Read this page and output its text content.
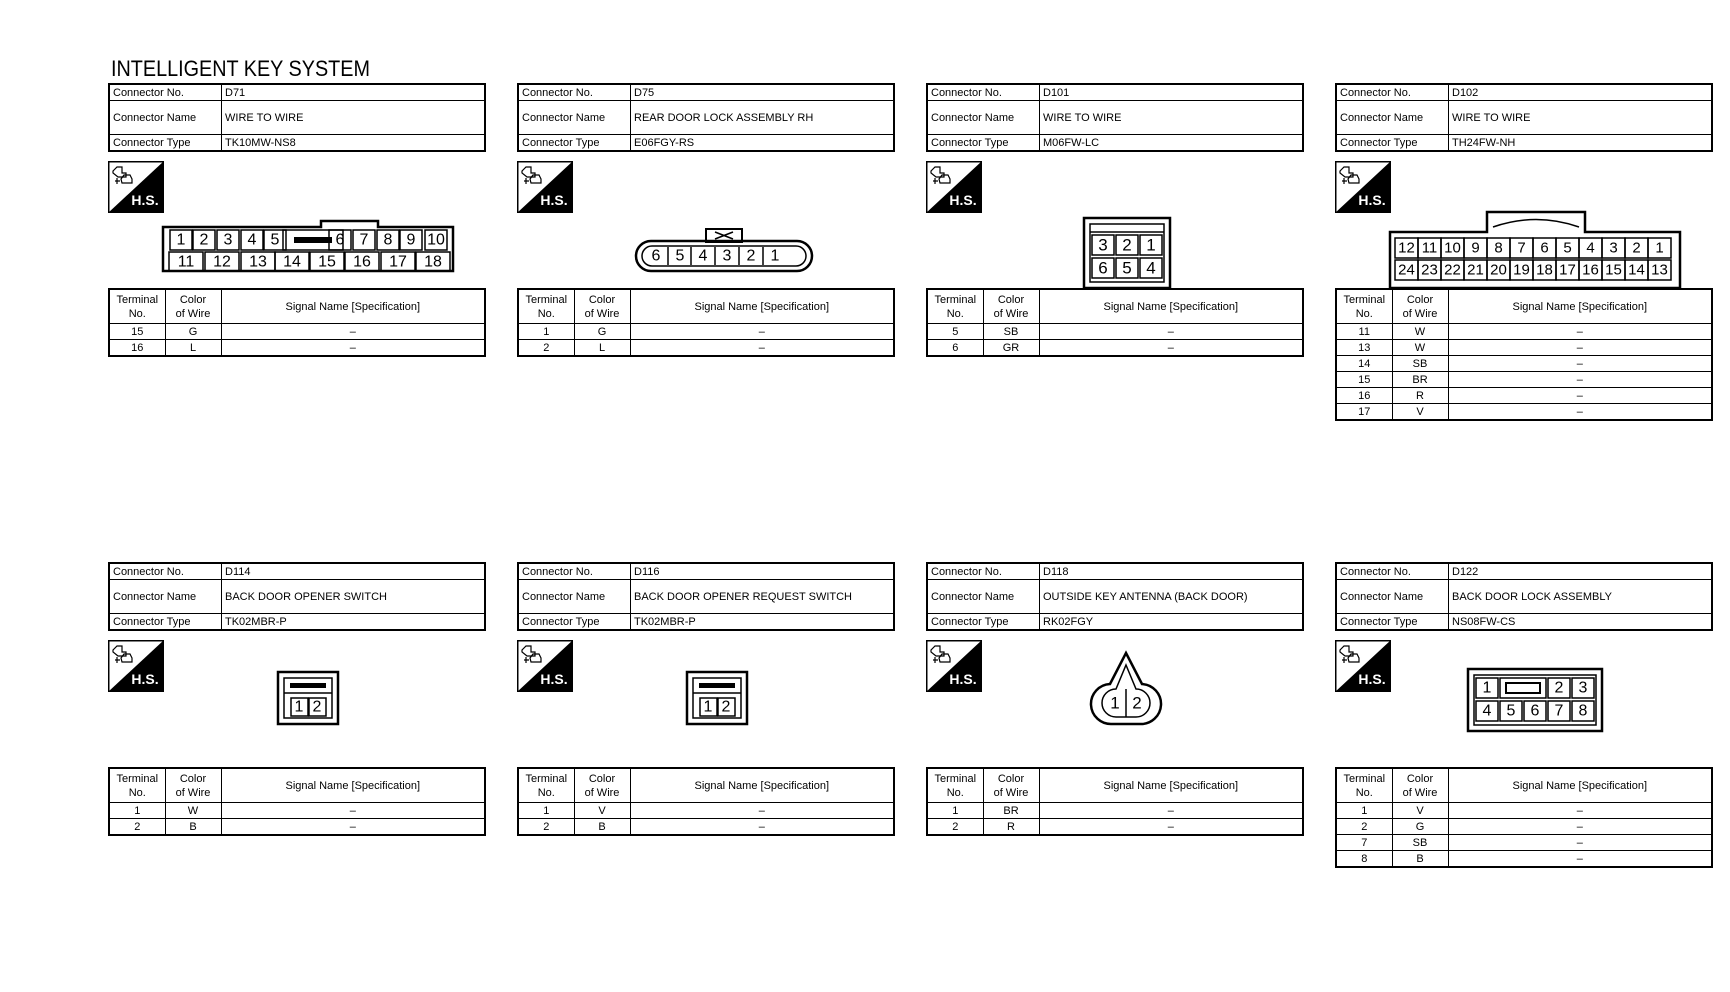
INTELLIGENT KEY SYSTEM
Connector No.	D71
Connector Name	WIRE TO WIRE
Connector Type	TK10MW-NS8
H.S.
1 2 3 4 5	6 7 8 9 10
11 12 13 14 15 16 17 18
Terminal
No.	Color
of Wire	Signal Name [Specification]
15	G	–
16	L	–
Connector No.	D75
Connector Name	REAR DOOR LOCK ASSEMBLY RH
Connector Type	E06FGY-RS
H.S.
6 5 4 3 2 1
Terminal
No.	Color
of Wire	Signal Name [Specification]
1	G	–
2	L	–
Connector No.	D101
Connector Name	WIRE TO WIRE
Connector Type	M06FW-LC
H.S.
3 2 1
6 5 4
Terminal
No.	Color
of Wire	Signal Name [Specification]
5	SB	–
6	GR	–
Connector No.	D102
Connector Name	WIRE TO WIRE
Connector Type	TH24FW-NH
H.S.
12
24
11
23
10
22
9
21
8
20
7
19
6
18
5
17
4
16
3
15
2
14
1
13
Terminal
No.	Color
of Wire	Signal Name [Specification]
11	W	–
13	W	–
14	SB	–
15	BR	–
16	R	–
17	V	–
Connector No.	D114
Connector Name	BACK DOOR OPENER SWITCH
Connector Type	TK02MBR-P
H.S.
1 2
Terminal
No.	Color
of Wire	Signal Name [Specification]
1	W	–
2	B	–
Connector No.	D116
Connector Name	BACK DOOR OPENER REQUEST SWITCH
Connector Type	TK02MBR-P
H.S.
1 2
Terminal
No.	Color
of Wire	Signal Name [Specification]
1	V	–
2	B	–
Connector No.	D118
Connector Name	OUTSIDE KEY ANTENNA (BACK DOOR)
Connector Type	RK02FGY
H.S.
1 2
Terminal
No.	Color
of Wire	Signal Name [Specification]
1	BR	–
2	R	–
Connector No.	D122
Connector Name	BACK DOOR LOCK ASSEMBLY
Connector Type	NS08FW-CS
H.S.
1	2 3
4 5 6 7 8
Terminal
No.	Color
of Wire	Signal Name [Specification]
1	V	–
2	G	–
7	SB	–
8	B	–
